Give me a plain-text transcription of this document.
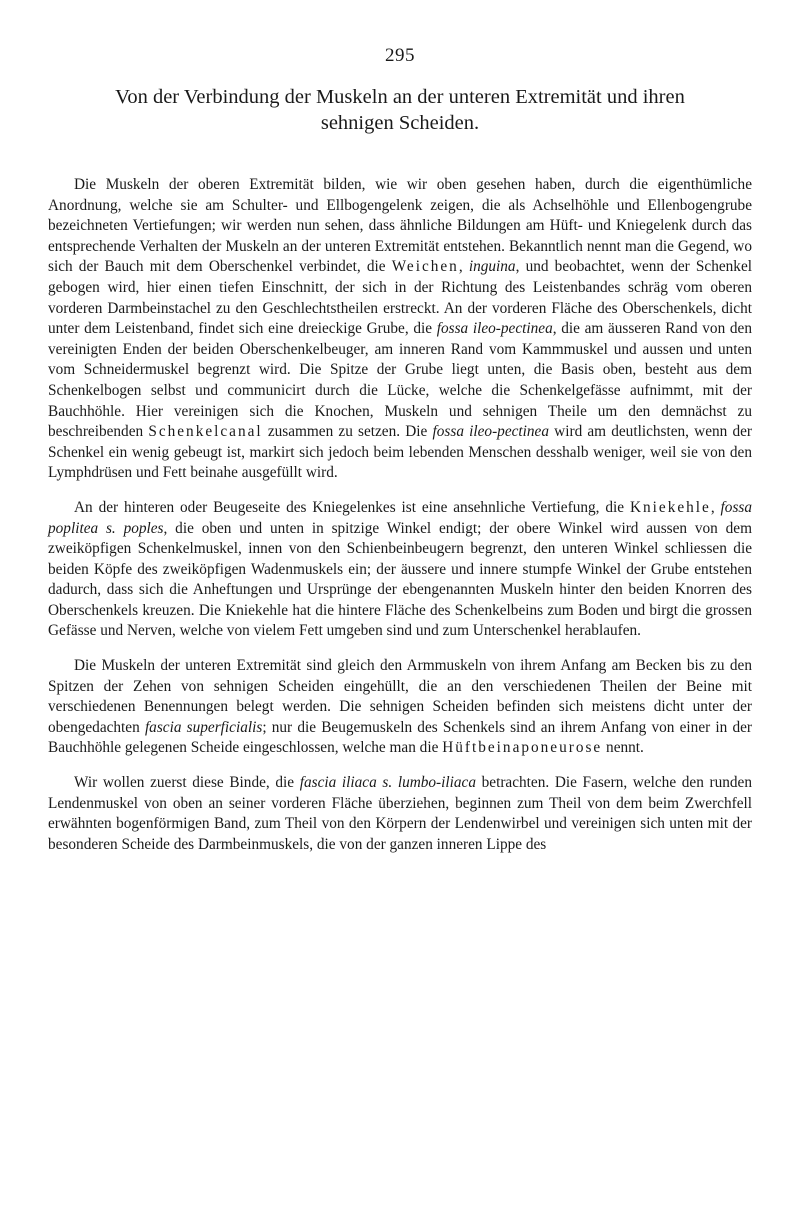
295
Von der Verbindung der Muskeln an der unteren Extremität und ihren
sehnigen Scheiden.

Die Muskeln der oberen Extremität bilden, wie wir oben gesehen haben, durch die eigenthümliche Anordnung, welche sie am Schulter- und Ellbogengelenk zeigen, die als Achselhöhle und Ellenbogengrube bezeichneten Vertiefungen; wir werden nun sehen, dass ähnliche Bildungen am Hüft- und Kniegelenk durch das entsprechende Verhalten der Muskeln an der unteren Extremität entstehen. Bekanntlich nennt man die Gegend, wo sich der Bauch mit dem Oberschenkel verbindet, die Weichen, inguina, und beobachtet, wenn der Schenkel gebogen wird, hier einen tiefen Einschnitt, der sich in der Richtung des Leistenbandes schräg vom oberen vorderen Darmbeinstachel zu den Geschlechtstheilen erstreckt. An der vorderen Fläche des Oberschenkels, dicht unter dem Leistenband, findet sich eine dreieckige Grube, die fossa ileo-pectinea, die am äusseren Rand von den vereinigten Enden der beiden Oberschenkelbeuger, am inneren Rand vom Kammmuskel und aussen und unten vom Schneidermuskel begrenzt wird. Die Spitze der Grube liegt unten, die Basis oben, besteht aus dem Schenkelbogen selbst und communicirt durch die Lücke, welche die Schenkelgefässe aufnimmt, mit der Bauchhöhle. Hier vereinigen sich die Knochen, Muskeln und sehnigen Theile um den demnächst zu beschreibenden Schenkelcanal zusammen zu setzen. Die fossa ileo-pectinea wird am deutlichsten, wenn der Schenkel ein wenig gebeugt ist, markirt sich jedoch beim lebenden Menschen desshalb weniger, weil sie von den Lymphdrüsen und Fett beinahe ausgefüllt wird.

An der hinteren oder Beugeseite des Kniegelenkes ist eine ansehnliche Vertiefung, die Kniekehle, fossa poplitea s. poples, die oben und unten in spitzige Winkel endigt; der obere Winkel wird aussen von dem zweiköpfigen Schenkelmuskel, innen von den Schienbeinbeugern begrenzt, den unteren Winkel schliessen die beiden Köpfe des zweiköpfigen Wadenmuskels ein; der äussere und innere stumpfe Winkel der Grube entstehen dadurch, dass sich die Anheftungen und Ursprünge der ebengenannten Muskeln hinter den beiden Knorren des Oberschenkels kreuzen. Die Kniekehle hat die hintere Fläche des Schenkelbeins zum Boden und birgt die grossen Gefässe und Nerven, welche von vielem Fett umgeben sind und zum Unterschenkel herablaufen.

Die Muskeln der unteren Extremität sind gleich den Armmuskeln von ihrem Anfang am Becken bis zu den Spitzen der Zehen von sehnigen Scheiden eingehüllt, die an den verschiedenen Theilen der Beine mit verschiedenen Benennungen belegt werden. Die sehnigen Scheiden befinden sich meistens dicht unter der obengedachten fascia superficialis; nur die Beugemuskeln des Schenkels sind an ihrem Anfang von einer in der Bauchhöhle gelegenen Scheide eingeschlossen, welche man die Hüftbeinaponeurose nennt.

Wir wollen zuerst diese Binde, die fascia iliaca s. lumbo-iliaca betrachten. Die Fasern, welche den runden Lendenmuskel von oben an seiner vorderen Fläche überziehen, beginnen zum Theil von dem beim Zwerchfell erwähnten bogenförmigen Band, zum Theil von den Körpern der Lendenwirbel und vereinigen sich unten mit der besonderen Scheide des Darmbeinmuskels, die von der ganzen inneren Lippe des
